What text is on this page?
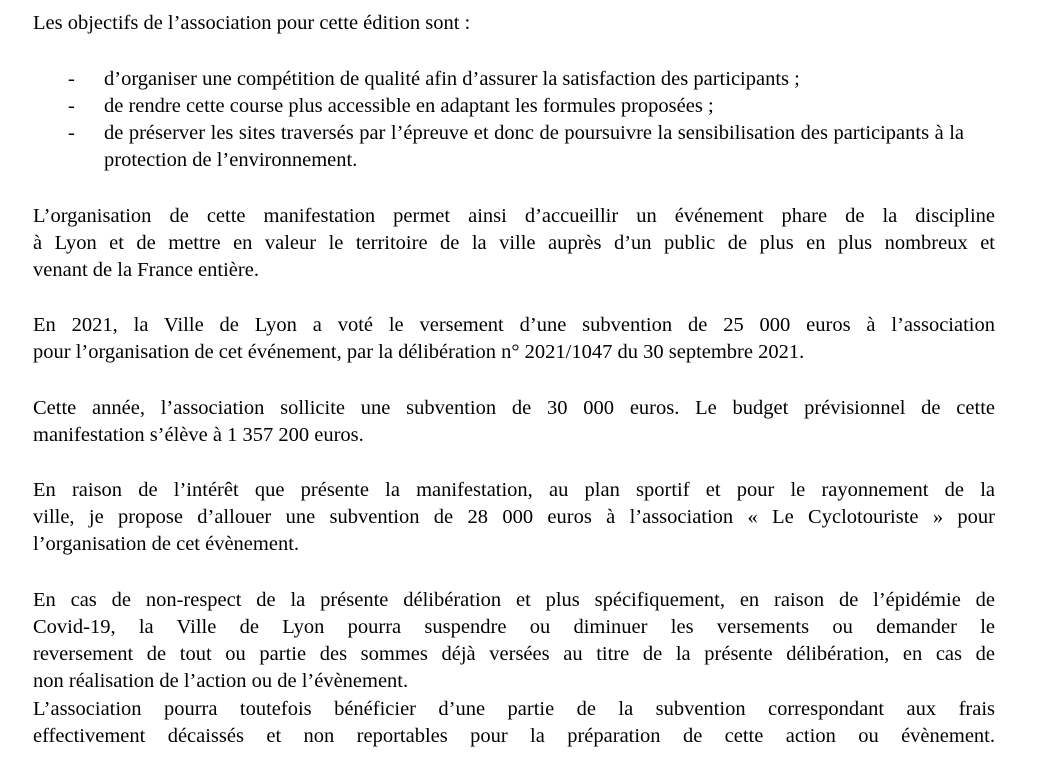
Les objectifs de l’association pour cette édition sont :

- d’organiser une compétition de qualité afin d’assurer la satisfaction des participants ;
- de rendre cette course plus accessible en adaptant les formules proposées ;
- de préserver les sites traversés par l’épreuve et donc de poursuivre la sensibilisation des participants à la protection de l’environnement.

L’organisation de cette manifestation permet ainsi d’accueillir un événement phare de la discipline

à Lyon et de mettre en valeur le territoire de la ville auprès d’un public de plus en plus nombreux et

venant de la France entière.

En 2021, la Ville de Lyon a voté le versement d’une subvention de 25 000 euros à l’association

pour l’organisation de cet événement, par la délibération n° 2021/1047 du 30 septembre 2021.

Cette année, l’association sollicite une subvention de 30 000 euros. Le budget prévisionnel de cette

manifestation s’élève à 1 357 200 euros.

En raison de l’intérêt que présente la manifestation, au plan sportif et pour le rayonnement de la

ville, je propose d’allouer une subvention de 28 000 euros à l’association « Le Cyclotouriste » pour

l’organisation de cet évènement.

En cas de non-respect de la présente délibération et plus spécifiquement, en raison de l’épidémie de

Covid-19, la Ville de Lyon pourra suspendre ou diminuer les versements ou demander le

reversement de tout ou partie des sommes déjà versées au titre de la présente délibération, en cas de

non réalisation de l’action ou de l’évènement.

L’association pourra toutefois bénéficier d’une partie de la subvention correspondant aux frais

effectivement décaissés et non reportables pour la préparation de cette action ou évènement.
